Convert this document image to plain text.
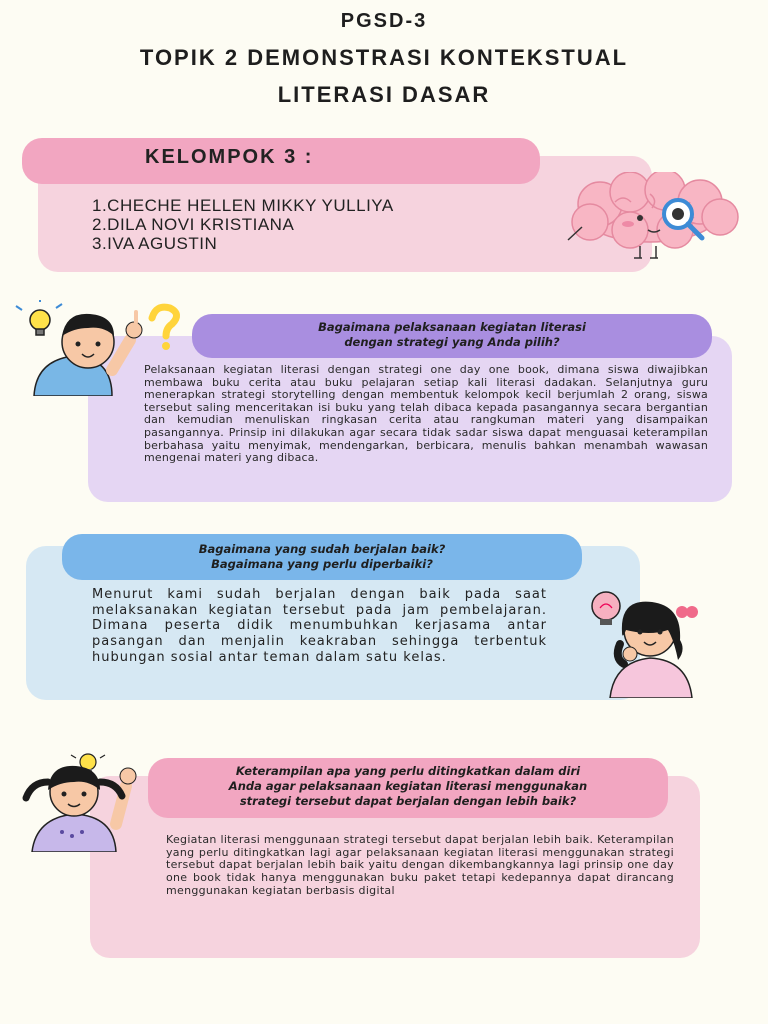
PGSD-3
TOPIK 2 DEMONSTRASI KONTEKSTUAL
LITERASI DASAR
KELOMPOK 3 :
1.CHECHE HELLEN MIKKY YULLIYA
2.DILA NOVI KRISTIANA
3.IVA AGUSTIN
Bagaimana pelaksanaan kegiatan literasi
dengan strategi yang Anda pilih?
Pelaksanaan kegiatan literasi dengan strategi one day one book, dimana siswa diwajibkan membawa buku cerita atau buku pelajaran setiap kali literasi dadakan. Selanjutnya guru menerapkan strategi storytelling dengan membentuk kelompok kecil berjumlah 2 orang, siswa tersebut saling menceritakan isi buku yang telah dibaca kepada pasangannya secara bergantian dan kemudian menuliskan ringkasan cerita atau rangkuman materi yang disampaikan pasangannya. Prinsip ini dilakukan agar secara tidak sadar siswa dapat menguasai keterampilan berbahasa yaitu menyimak, mendengarkan, berbicara, menulis bahkan menambah wawasan mengenai materi yang dibaca.
Bagaimana yang sudah berjalan baik?
Bagaimana yang perlu diperbaiki?
Menurut kami sudah berjalan dengan baik pada saat melaksanakan kegiatan tersebut pada jam pembelajaran. Dimana peserta didik menumbuhkan kerjasama antar pasangan dan menjalin keakraban sehingga terbentuk hubungan sosial antar teman dalam satu kelas.
Keterampilan apa yang perlu ditingkatkan dalam diri
Anda agar pelaksanaan kegiatan literasi menggunakan
strategi tersebut dapat berjalan dengan lebih baik?
Kegiatan literasi menggunaan strategi tersebut dapat berjalan lebih baik. Keterampilan yang perlu ditingkatkan lagi agar pelaksanaan kegiatan literasi menggunakan strategi tersebut dapat berjalan lebih baik yaitu dengan dikembangkannya lagi prinsip one day one book tidak hanya menggunakan buku paket tetapi kedepannya dapat dirancang menggunakan kegiatan berbasis digital
